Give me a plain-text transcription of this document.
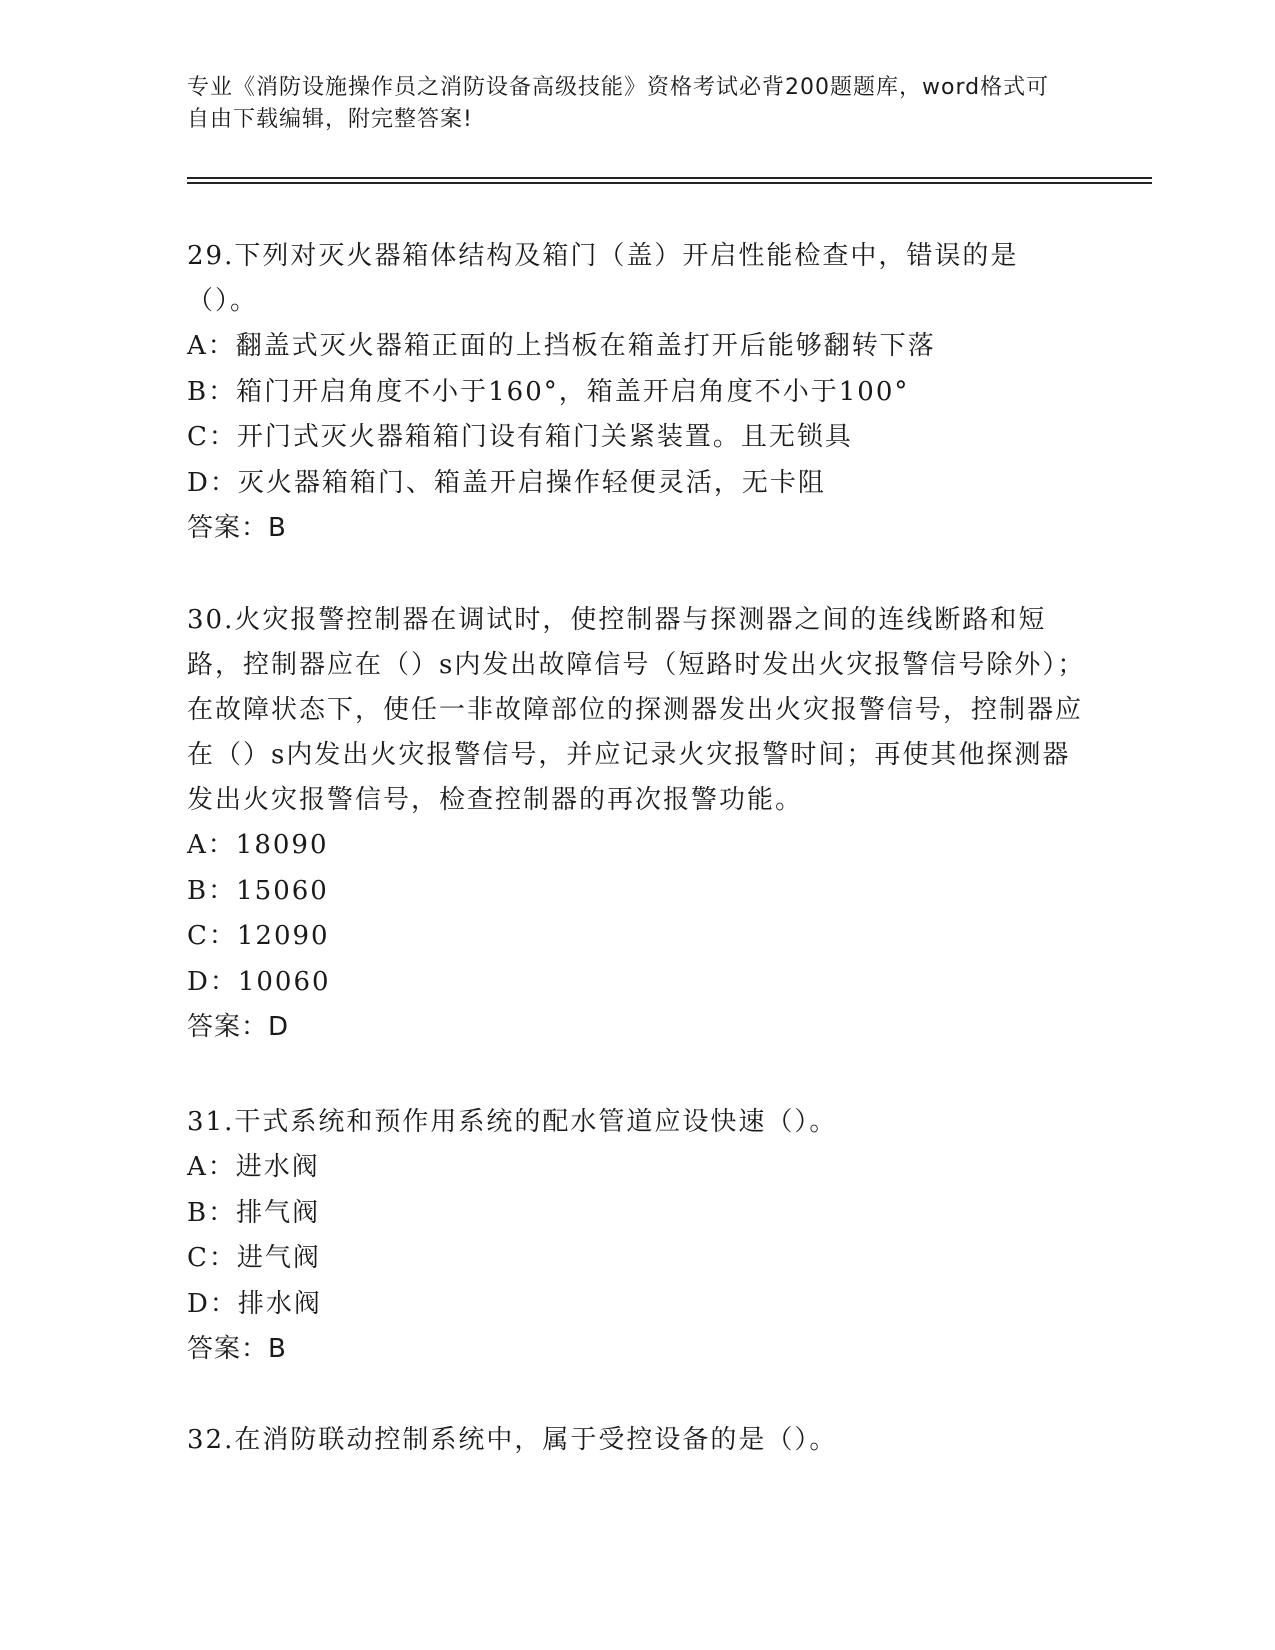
专业《消防设施操作员之消防设备高级技能》资格考试必背200题题库，word格式可自由下载编辑，附完整答案!

29.下列对灭火器箱体结构及箱门（盖）开启性能检查中，错误的是（）。

A：翻盖式灭火器箱正面的上挡板在箱盖打开后能够翻转下落

B：箱门开启角度不小于160°，箱盖开启角度不小于100°

C：开门式灭火器箱箱门设有箱门关紧装置。且无锁具

D：灭火器箱箱门、箱盖开启操作轻便灵活，无卡阻

答案：B

30.火灾报警控制器在调试时，使控制器与探测器之间的连线断路和短路，控制器应在（）s内发出故障信号（短路时发出火灾报警信号除外）；在故障状态下，使任一非故障部位的探测器发出火灾报警信号，控制器应在（）s内发出火灾报警信号，并应记录火灾报警时间；再使其他探测器发出火灾报警信号，检查控制器的再次报警功能。

A：18090

B：15060

C：12090

D：10060

答案：D

31.干式系统和预作用系统的配水管道应设快速（）。

A：进水阀

B：排气阀

C：进气阀

D：排水阀

答案：B

32.在消防联动控制系统中，属于受控设备的是（）。
